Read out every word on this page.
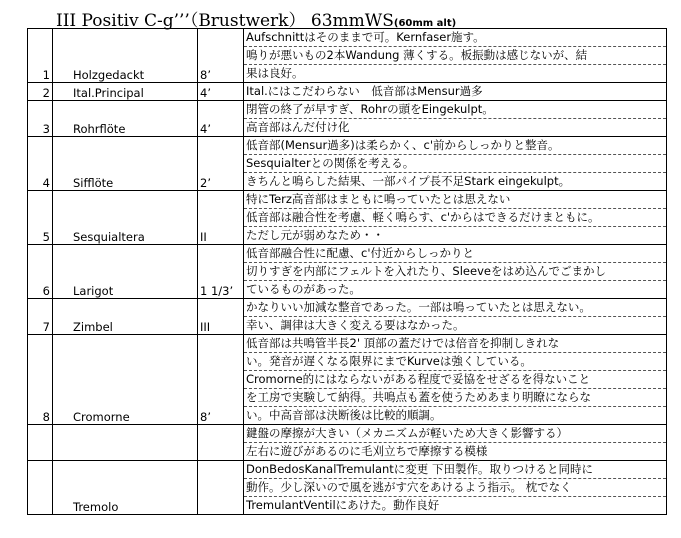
III Positiv C-g’’’（Brustwerk） 63mmWS(60mm alt)
1	Holzgedackt	8’	Aufschnittはそのままで可。Kernfaser施す。
鳴りが悪いもの2本Wandung 薄くする。板振動は感じないが、結
果は良好。

2	Ital.Principal	4’	Ital.にはこだわらない　低音部はMensur過多

3	Rohrflöte	4’	閉管の終了が早すぎ、Rohrの頭をEingekulpt。
高音部はんだ付け化

4	Sifflöte	2’	低音部(Mensur過多)は柔らかく、c'前からしっかりと整音。
Sesquialterとの関係を考える。
きちんと鳴らした結果、一部パイプ長不足Stark eingekulpt。

5	Sesquialtera	II	特にTerz高音部はまともに鳴っていたとは思えない
低音部は融合性を考慮、軽く鳴らす、c'からはできるだけまともに。
ただし元が弱めなため・・

6	Larigot	1 1/3’	低音部融合性に配慮、c'付近からしっかりと
切りすぎを内部にフェルトを入れたり、Sleeveをはめ込んでごまかし
ているものがあった。

7	Zimbel	III	かなりいい加減な整音であった。一部は鳴っていたとは思えない。
幸い、調律は大きく変える要はなかった。

8	Cromorne	8’	低音部は共鳴管半長2' 頂部の蓋だけでは倍音を抑制しきれな
い。発音が遅くなる限界にまでKurveは強くしている。
Cromorne的にはならないがある程度で妥協をせざるを得ないこと
を工房で実験して納得。共鳴点も蓋を使うためあまり明瞭にならな
い。中高音部は決断後は比較的順調。

			鍵盤の摩擦が大きい（メカニズムが軽いため大きく影響する）
左右に遊びがあるのに毛刈立ちで摩擦する模様

	Tremolo		DonBedosKanalTremulantに変更 下田製作。取りつけると同時に
動作。少し深いので風を逃がす穴をあけるよう指示。 枕でなく
TremulantVentilにあけた。動作良好
